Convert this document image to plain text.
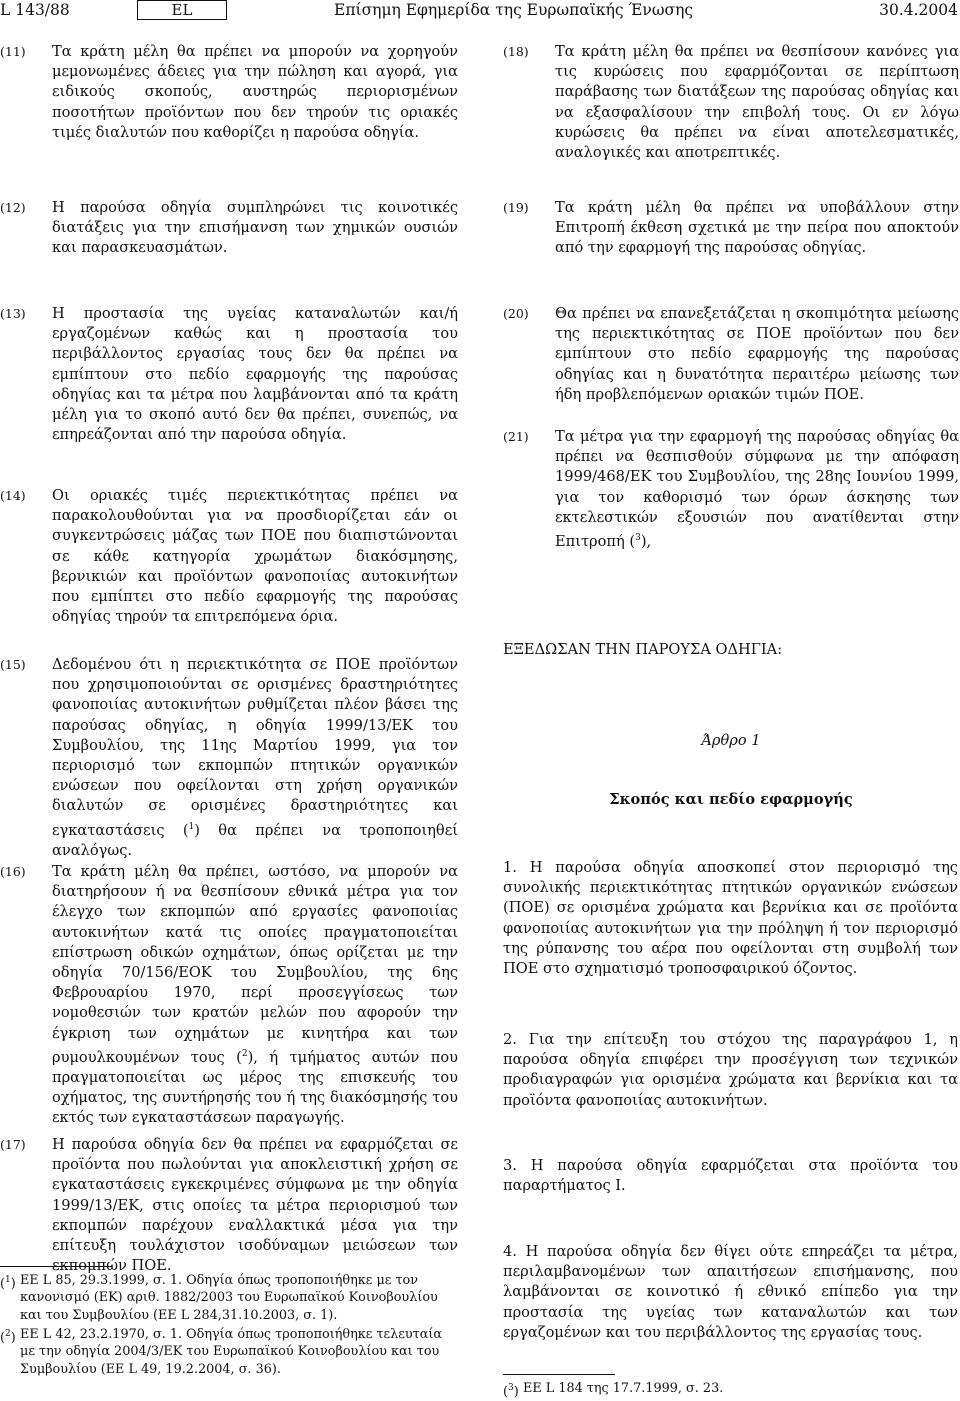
L 143/88	EL	Επίσημη Εφημερίδα της Ευρωπαϊκής Ένωσης	30.4.2004
(11) Τα κράτη μέλη θα πρέπει να μπορούν να χορηγούν μεμονωμένες άδειες για την πώληση και αγορά, για ειδικούς σκοπούς, αυστηρώς περιορισμένων ποσοτήτων προϊόντων που δεν τηρούν τις οριακές τιμές διαλυτών που καθορίζει η παρούσα οδηγία.
(12) Η παρούσα οδηγία συμπληρώνει τις κοινοτικές διατάξεις για την επισήμανση των χημικών ουσιών και παρασκευασμάτων.
(13) Η προστασία της υγείας καταναλωτών και/ή εργαζομένων καθώς και η προστασία του περιβάλλοντος εργασίας τους δεν θα πρέπει να εμπίπτουν στο πεδίο εφαρμογής της παρούσας οδηγίας και τα μέτρα που λαμβάνονται από τα κράτη μέλη για το σκοπό αυτό δεν θα πρέπει, συνεπώς, να επηρεάζονται από την παρούσα οδηγία.
(14) Οι οριακές τιμές περιεκτικότητας πρέπει να παρακολουθούνται για να προσδιορίζεται εάν οι συγκεντρώσεις μάζας των ΠΟΕ που διαπιστώνονται σε κάθε κατηγορία χρωμάτων διακόσμησης, βερνικιών και προϊόντων φανοποιίας αυτοκινήτων που εμπίπτει στο πεδίο εφαρμογής της παρούσας οδηγίας τηρούν τα επιτρεπόμενα όρια.
(15) Δεδομένου ότι η περιεκτικότητα σε ΠΟΕ προϊόντων που χρησιμοποιούνται σε ορισμένες δραστηριότητες φανοποιίας αυτοκινήτων ρυθμίζεται πλέον βάσει της παρούσας οδηγίας, η οδηγία 1999/13/ΕΚ του Συμβουλίου, της 11ης Μαρτίου 1999, για τον περιορισμό των εκπομπών πτητικών οργανικών ενώσεων που οφείλονται στη χρήση οργανικών διαλυτών σε ορισμένες δραστηριότητες και εγκαταστάσεις ($^1$) θα πρέπει να τροποποιηθεί αναλόγως.
(16) Τα κράτη μέλη θα πρέπει, ωστόσο, να μπορούν να διατηρήσουν ή να θεσπίσουν εθνικά μέτρα για τον έλεγχο των εκπομπών από εργασίες φανοποιίας αυτοκινήτων κατά τις οποίες πραγματοποιείται επίστρωση οδικών οχημάτων, όπως ορίζεται με την οδηγία 70/156/ΕΟΚ του Συμβουλίου, της 6ης Φεβρουαρίου 1970, περί προσεγγίσεως των νομοθεσιών των κρατών μελών που αφορούν την έγκριση των οχημάτων με κινητήρα και των ρυμουλκουμένων τους ($^2$), ή τμήματος αυτών που πραγματοποιείται ως μέρος της επισκευής του οχήματος, της συντήρησής του ή της διακόσμησής του εκτός των εγκαταστάσεων παραγωγής.
(17) Η παρούσα οδηγία δεν θα πρέπει να εφαρμόζεται σε προϊόντα που πωλούνται για αποκλειστική χρήση σε εγκαταστάσεις εγκεκριμένες σύμφωνα με την οδηγία 1999/13/ΕΚ, στις οποίες τα μέτρα περιορισμού των εκπομπών παρέχουν εναλλακτικά μέσα για την επίτευξη τουλάχιστον ισοδύναμων μειώσεων των εκπομπών ΠΟΕ.
($^1$) ΕΕ L 85, 29.3.1999, σ. 1. Οδηγία όπως τροποποιήθηκε με τον κανονισμό (ΕΚ) αριθ. 1882/2003 του Ευρωπαϊκού Κοινοβουλίου και του Συμβουλίου (ΕΕ L 284,31.10.2003, σ. 1).
($^2$) ΕΕ L 42, 23.2.1970, σ. 1. Οδηγία όπως τροποποιήθηκε τελευταία με την οδηγία 2004/3/ΕΚ του Ευρωπαϊκού Κοινοβουλίου και του Συμβουλίου (ΕΕ L 49, 19.2.2004, σ. 36).
(18) Τα κράτη μέλη θα πρέπει να θεσπίσουν κανόνες για τις κυρώσεις που εφαρμόζονται σε περίπτωση παράβασης των διατάξεων της παρούσας οδηγίας και να εξασφαλίσουν την επιβολή τους. Οι εν λόγω κυρώσεις θα πρέπει να είναι αποτελεσματικές, αναλογικές και αποτρεπτικές.
(19) Τα κράτη μέλη θα πρέπει να υποβάλλουν στην Επιτροπή έκθεση σχετικά με την πείρα που αποκτούν από την εφαρμογή της παρούσας οδηγίας.
(20) Θα πρέπει να επανεξετάζεται η σκοπιμότητα μείωσης της περιεκτικότητας σε ΠΟΕ προϊόντων που δεν εμπίπτουν στο πεδίο εφαρμογής της παρούσας οδηγίας και η δυνατότητα περαιτέρω μείωσης των ήδη προβλεπόμενων οριακών τιμών ΠΟΕ.
(21) Τα μέτρα για την εφαρμογή της παρούσας οδηγίας θα πρέπει να θεσπισθούν σύμφωνα με την απόφαση 1999/468/ΕΚ του Συμβουλίου, της 28ης Ιουνίου 1999, για τον καθορισμό των όρων άσκησης των εκτελεστικών εξουσιών που ανατίθενται στην Επιτροπή ($^3$),
ΕΞΕΔΩΣΑΝ ΤΗΝ ΠΑΡΟΥΣΑ ΟΔΗΓΙΑ:
Άρθρο 1
Σκοπός και πεδίο εφαρμογής
1. Η παρούσα οδηγία αποσκοπεί στον περιορισμό της συνολικής περιεκτικότητας πτητικών οργανικών ενώσεων (ΠΟΕ) σε ορισμένα χρώματα και βερνίκια και σε προϊόντα φανοποιίας αυτοκινήτων για την πρόληψη ή τον περιορισμό της ρύπανσης του αέρα που οφείλονται στη συμβολή των ΠΟΕ στο σχηματισμό τροποσφαιρικού όζοντος.
2. Για την επίτευξη του στόχου της παραγράφου 1, η παρούσα οδηγία επιφέρει την προσέγγιση των τεχνικών προδιαγραφών για ορισμένα χρώματα και βερνίκια και τα προϊόντα φανοποιίας αυτοκινήτων.
3. Η παρούσα οδηγία εφαρμόζεται στα προϊόντα του παραρτήματος I.
4. Η παρούσα οδηγία δεν θίγει ούτε επηρεάζει τα μέτρα, περιλαμβανομένων των απαιτήσεων επισήμανσης, που λαμβάνονται σε κοινοτικό ή εθνικό επίπεδο για την προστασία της υγείας των καταναλωτών και των εργαζομένων και του περιβάλλοντος της εργασίας τους.
($^3$) ΕΕ L 184 της 17.7.1999, σ. 23.
